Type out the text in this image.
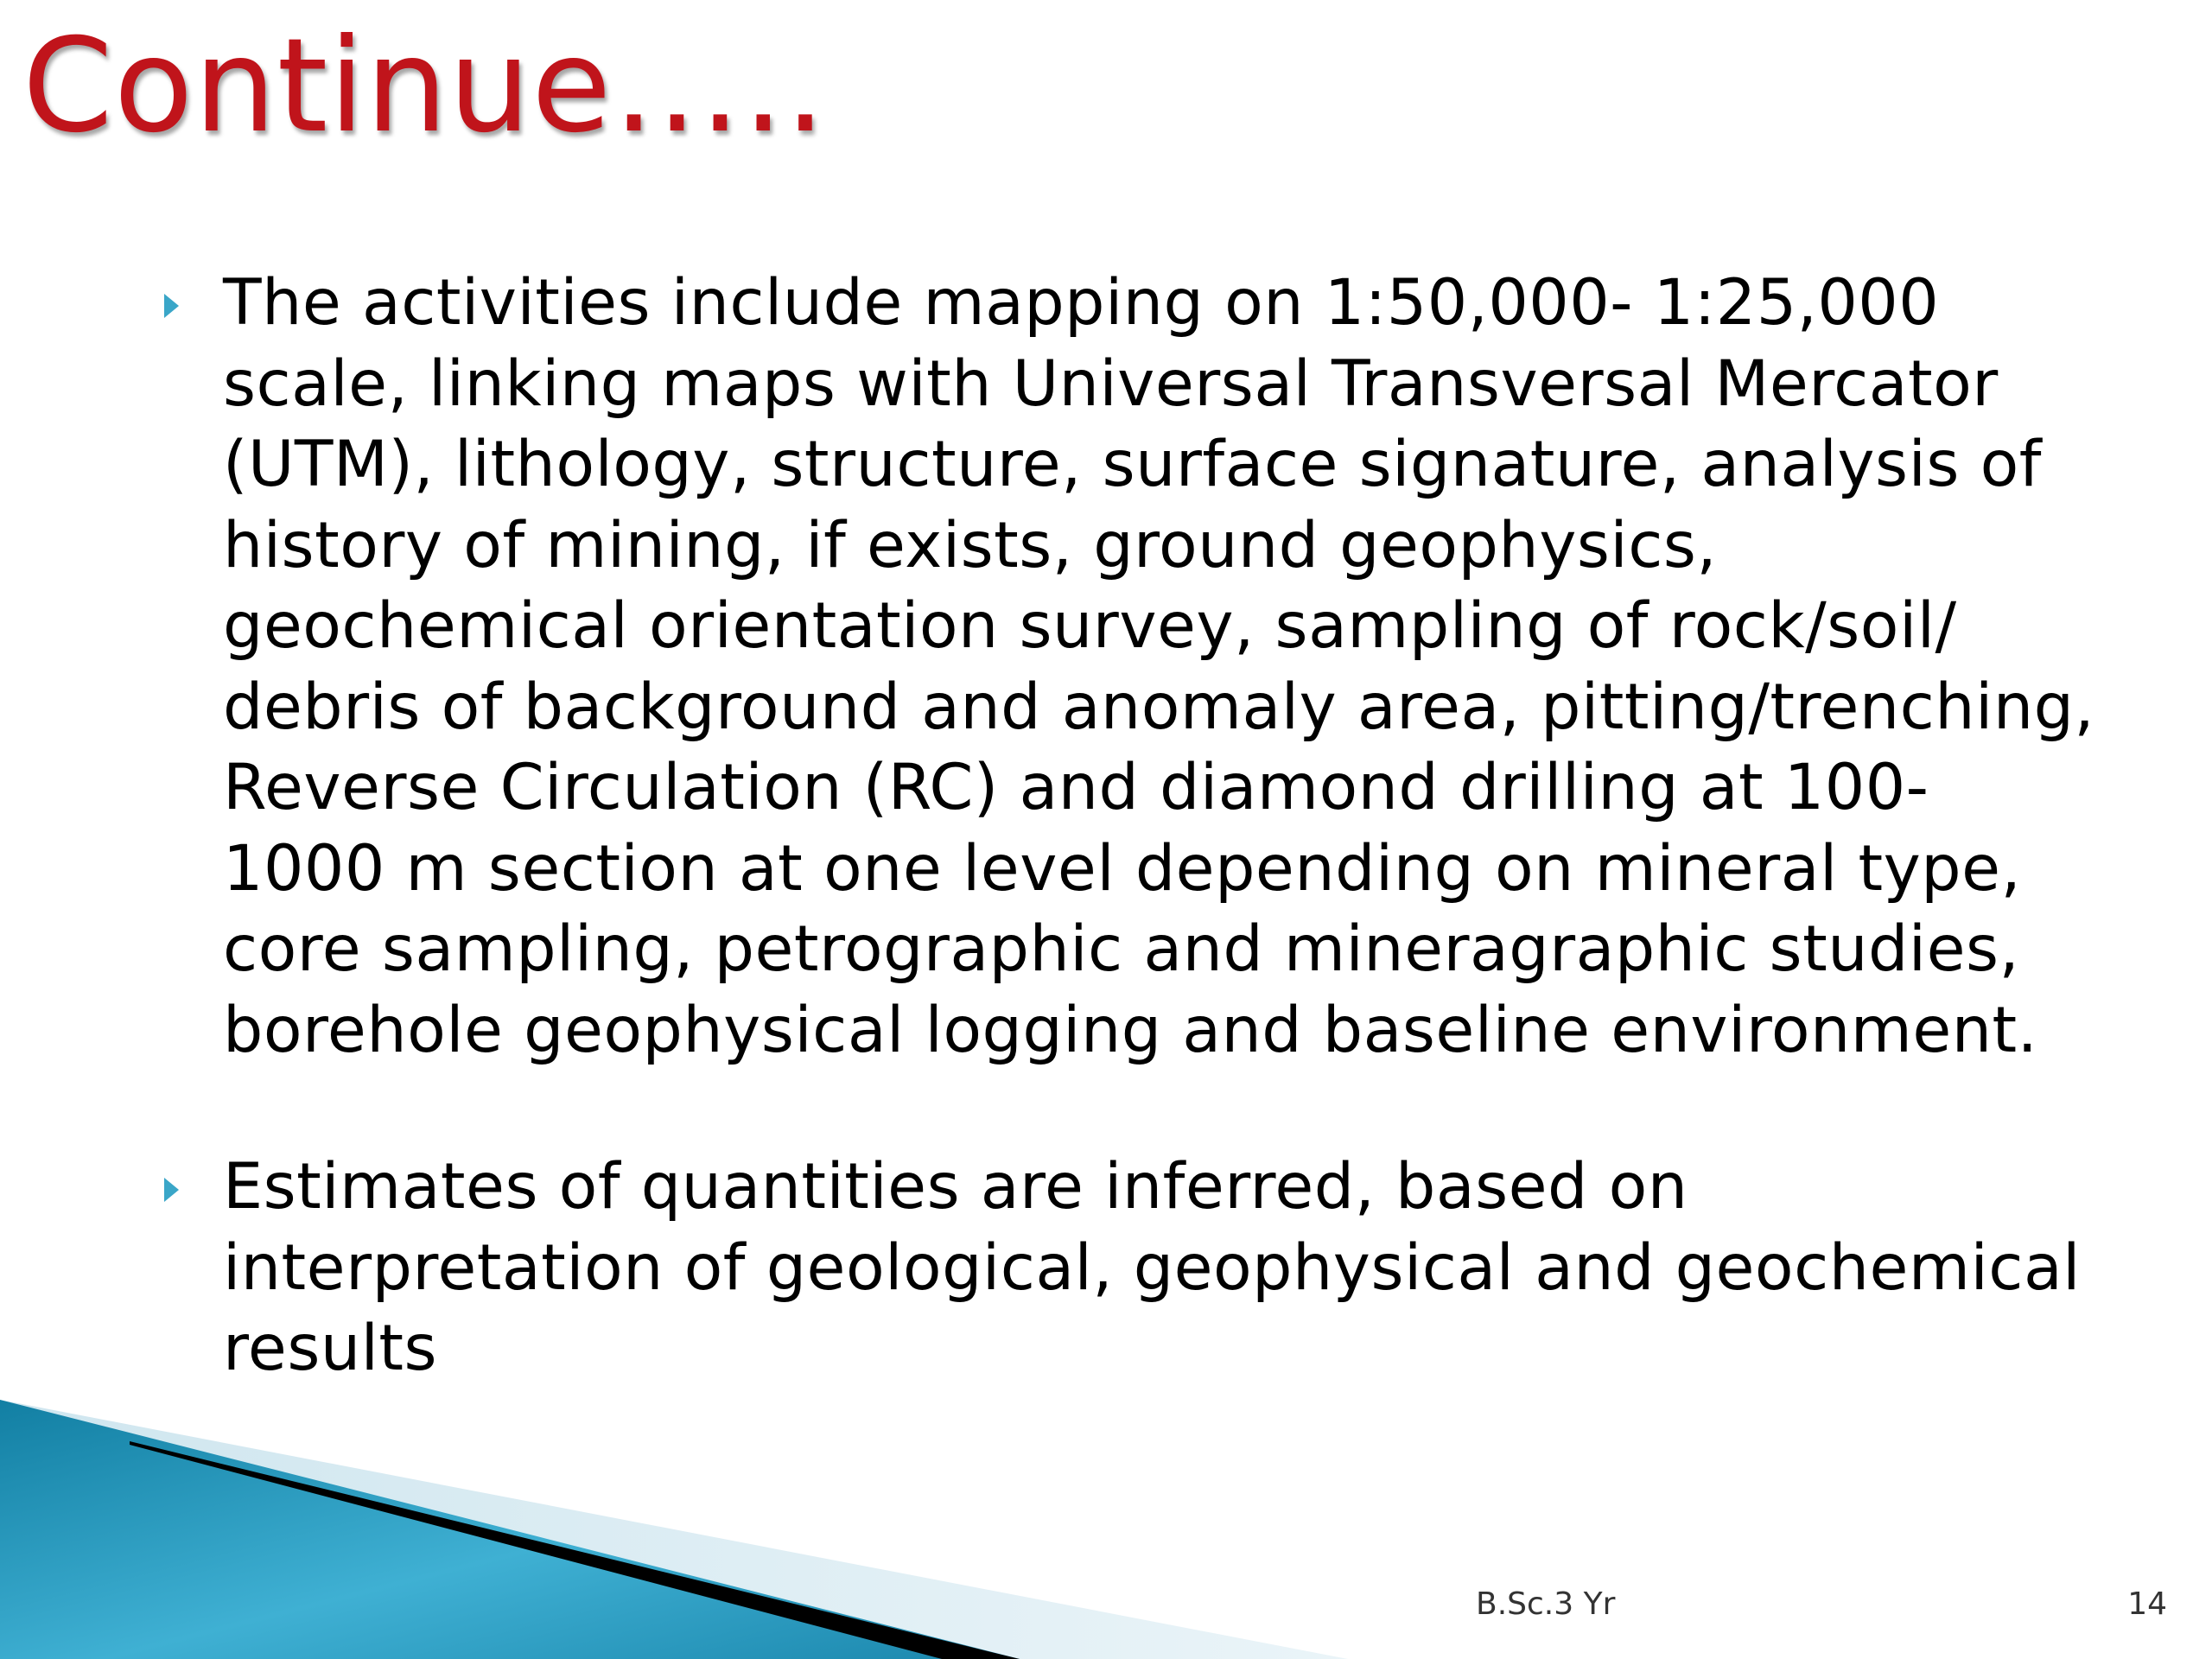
Continue…..
The activities include mapping on 1:50,000- 1:25,000 scale, linking maps with Universal Transversal Mercator (UTM), lithology, structure, surface signature, analysis of history of mining, if exists, ground geophysics, geochemical orientation survey, sampling of rock/soil/ debris of background and anomaly area, pitting/trenching, Reverse Circulation (RC) and diamond drilling at 100- 1000 m section at one level depending on mineral type, core sampling, petrographic and mineragraphic studies, borehole geophysical logging and baseline environment.
Estimates of quantities are inferred, based on interpretation of geological, geophysical and geochemical results
B.Sc.3 Yr	14
